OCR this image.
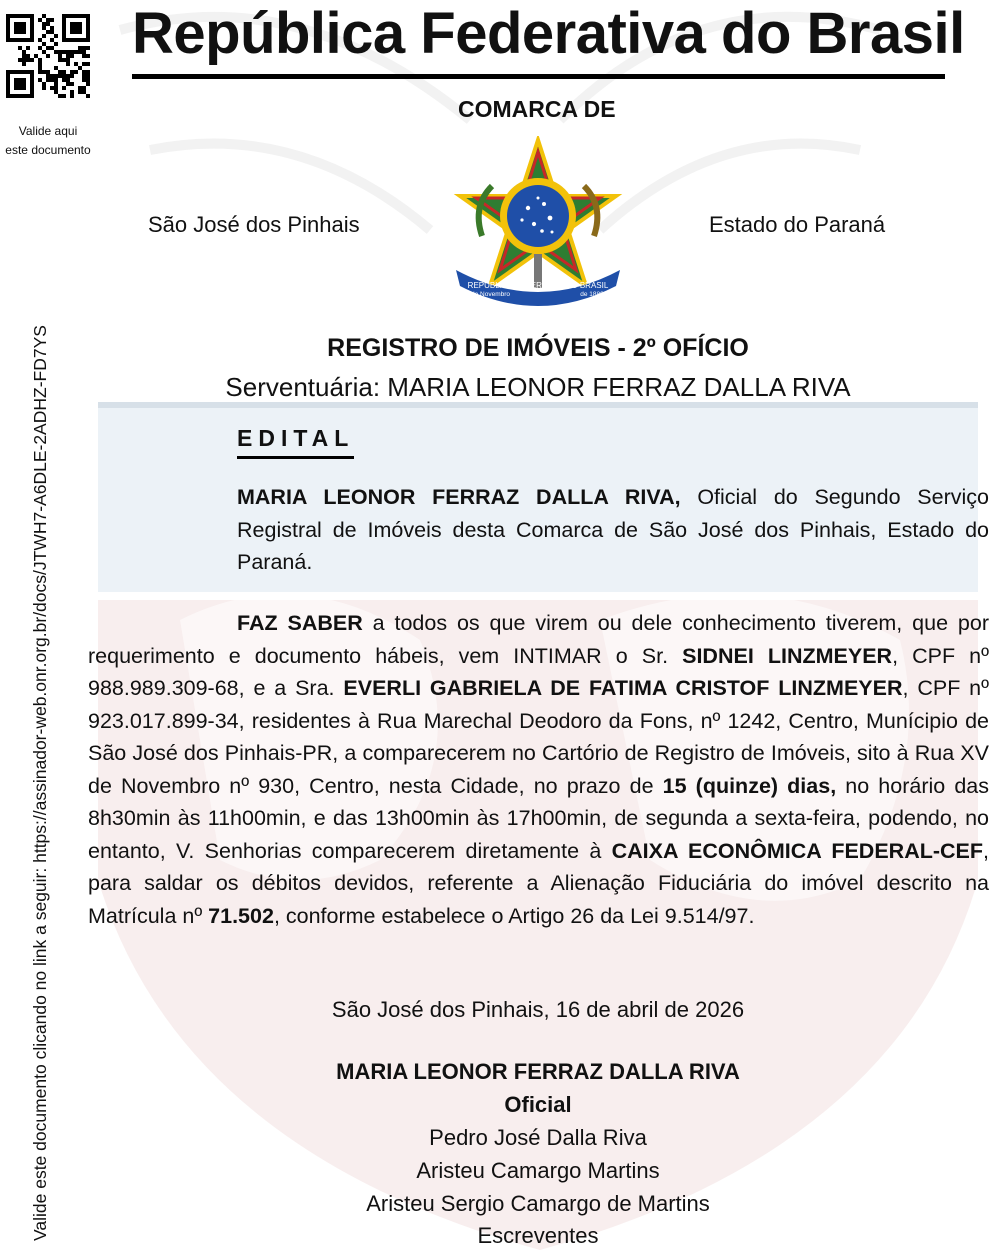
Valide aqui
este documento
Valide este documento clicando no link a seguir: https://assinador-web.onr.org.br/docs/JTWH7-A6DLE-2ADHZ-FD7YS
República Federativa do Brasil
COMARCA DE
São José dos Pinhais	Estado do Paraná
REPÚBLICA FEDERATIVA DO BRASIL
15 de Novembro	de 1889
REGISTRO DE IMÓVEIS - 2º OFÍCIO
Serventuária: MARIA LEONOR FERRAZ DALLA RIVA
EDITAL
MARIA LEONOR FERRAZ DALLA RIVA, Oficial do Segundo Serviço Registral de Imóveis desta Comarca de São José dos Pinhais, Estado do Paraná.
FAZ SABER a todos os que virem ou dele conhecimento tiverem, que por requerimento e documento hábeis, vem INTIMAR o Sr. SIDNEI LINZMEYER, CPF nº 988.989.309-68, e a Sra. EVERLI GABRIELA DE FATIMA CRISTOF LINZMEYER, CPF nº 923.017.899-34, residentes à Rua Marechal Deodoro da Fons, nº 1242, Centro, Munícipio de São José dos Pinhais-PR, a comparecerem no Cartório de Registro de Imóveis, sito à Rua XV de Novembro nº 930, Centro, nesta Cidade, no prazo de 15 (quinze) dias, no horário das 8h30min às 11h00min, e das 13h00min às 17h00min, de segunda a sexta-feira, podendo, no entanto, V. Senhorias comparecerem diretamente à CAIXA ECONÔMICA FEDERAL-CEF, para saldar os débitos devidos, referente a Alienação Fiduciária do imóvel descrito na Matrícula nº 71.502, conforme estabelece o Artigo 26 da Lei 9.514/97.
São José dos Pinhais, 16 de abril de 2026
MARIA LEONOR FERRAZ DALLA RIVA
Oficial
Pedro José Dalla Riva
Aristeu Camargo Martins
Aristeu Sergio Camargo de Martins
Escreventes
